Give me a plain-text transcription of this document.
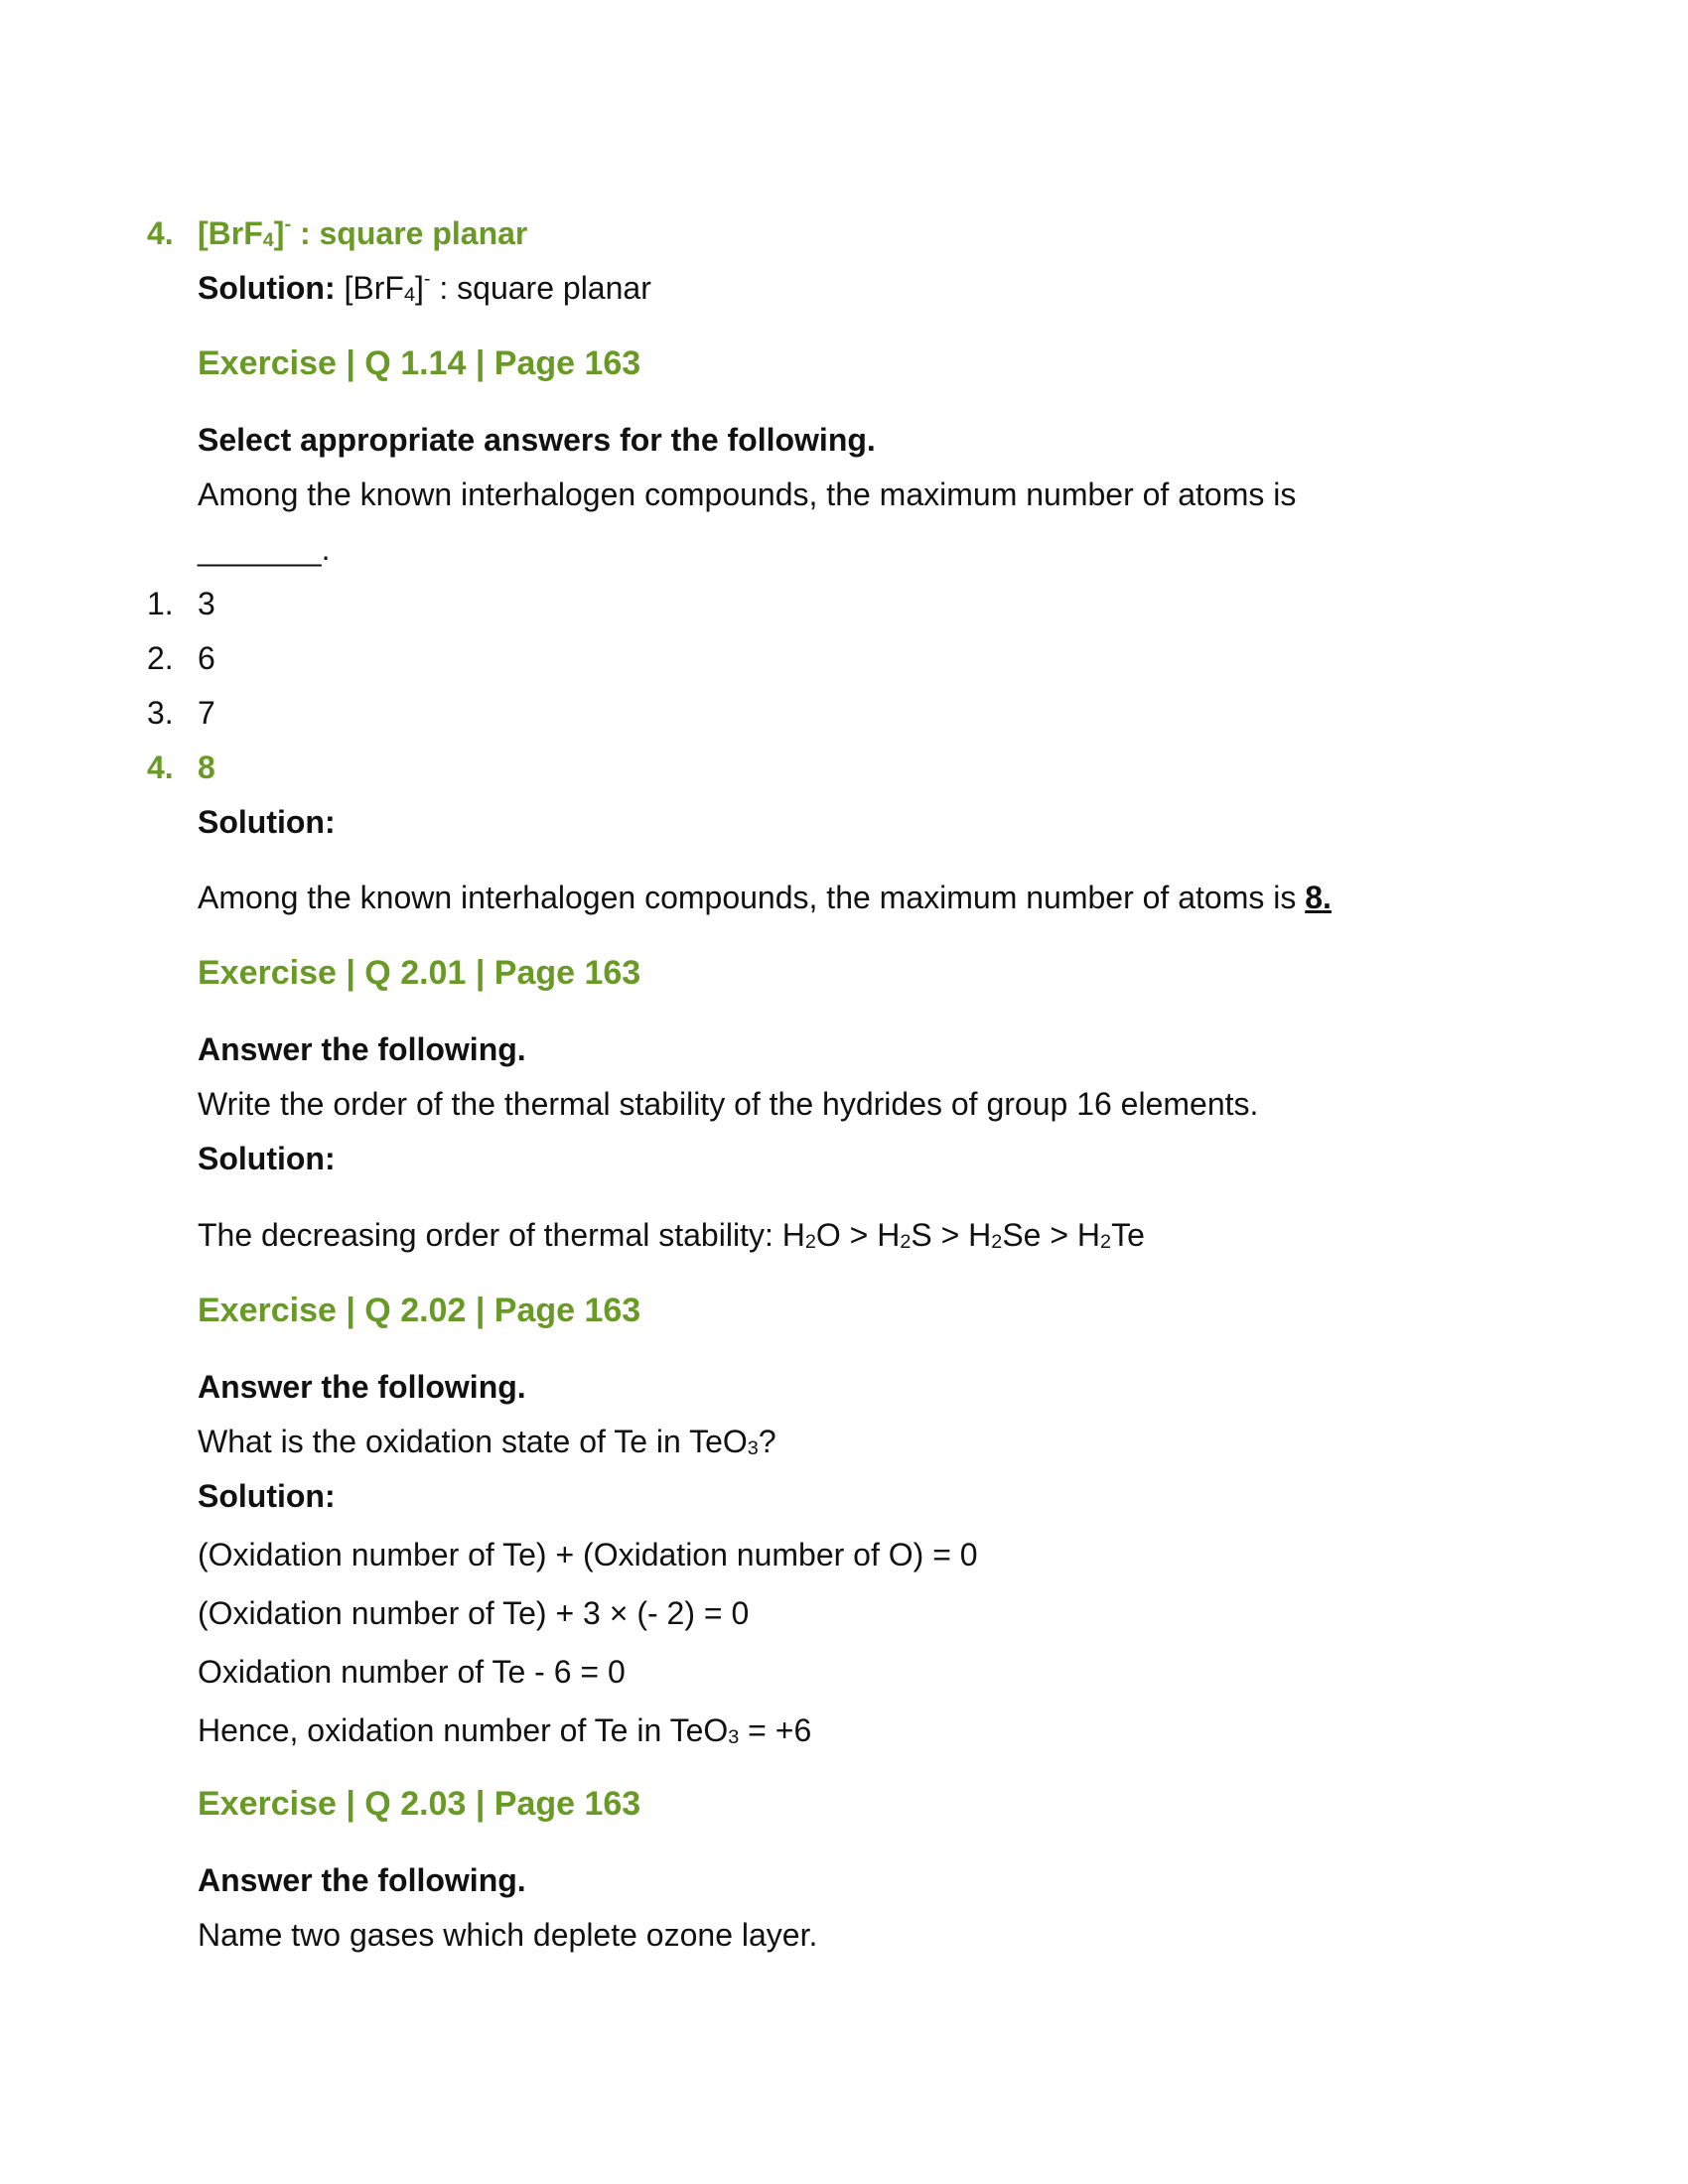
4. [BrF$_4$]- : square planar
Solution: [BrF$_4$]- : square planar
Exercise | Q 1.14 | Page 163
Select appropriate answers for the following.
Among the known interhalogen compounds, the maximum number of atoms is
_______.
1. 3
2. 6
3. 7
4. 8
Solution:
Among the known interhalogen compounds, the maximum number of atoms is 8.
Exercise | Q 2.01 | Page 163
Answer the following.
Write the order of the thermal stability of the hydrides of group 16 elements.
Solution:
The decreasing order of thermal stability: $H_2O > H_2S > H_2Se > H_2Te$
Exercise | Q 2.02 | Page 163
Answer the following.
What is the oxidation state of Te in TeO$_3$?
Solution:
(Oxidation number of Te) + (Oxidation number of O) = 0
(Oxidation number of Te) + 3 × (- 2) = 0
Oxidation number of Te - 6 = 0
Hence, oxidation number of Te in TeO$_3$ = +6
Exercise | Q 2.03 | Page 163
Answer the following.
Name two gases which deplete ozone layer.
